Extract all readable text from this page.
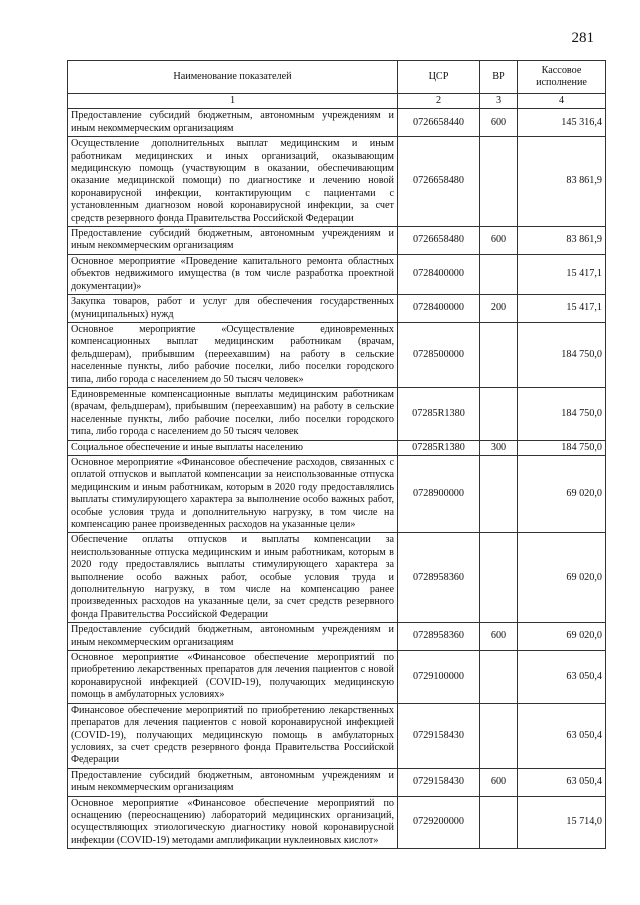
281
Наименование показателей	ЦСР	ВР	Кассовое исполнение
1	2	3	4
Предоставление субсидий бюджетным, автономным учреждениям и иным некоммерческим организациям	0726658440	600	145 316,4
Осуществление дополнительных выплат медицинским и иным работникам медицинских и иных организаций, оказывающим медицинскую помощь (участвующим в оказании, обеспечивающим оказание медицинской помощи) по диагностике и лечению новой коронавирусной инфекции, контактирующим с пациентами с установленным диагнозом новой коронавирусной инфекции, за счет средств резервного фонда Правительства Российской Федерации	0726658480		83 861,9
Предоставление субсидий бюджетным, автономным учреждениям и иным некоммерческим организациям	0726658480	600	83 861,9
Основное мероприятие «Проведение капитального ремонта областных объектов недвижимого имущества (в том числе разработка проектной документации)»	0728400000		15 417,1
Закупка товаров, работ и услуг для обеспечения государственных (муниципальных) нужд	0728400000	200	15 417,1
Основное мероприятие «Осуществление единовременных компенсационных выплат медицинским работникам (врачам, фельдшерам), прибывшим (переехавшим) на работу в сельские населенные пункты, либо рабочие поселки, либо поселки городского типа, либо города с населением до 50 тысяч человек»	0728500000		184 750,0
Единовременные компенсационные выплаты медицинским работникам (врачам, фельдшерам), прибывшим (переехавшим) на работу в сельские населенные пункты, либо рабочие поселки, либо поселки городского типа, либо города с населением до 50 тысяч человек	07285R1380		184 750,0
Социальное обеспечение и иные выплаты населению	07285R1380	300	184 750,0
Основное мероприятие «Финансовое обеспечение расходов, связанных с оплатой отпусков и выплатой компенсации за неиспользованные отпуска медицинским и иным работникам, которым в 2020 году предоставлялись выплаты стимулирующего характера за выполнение особо важных работ, особые условия труда и дополнительную нагрузку, в том числе на компенсацию ранее произведенных расходов на указанные цели»	0728900000		69 020,0
Обеспечение оплаты отпусков и выплаты компенсации за неиспользованные отпуска медицинским и иным работникам, которым в 2020 году предоставлялись выплаты стимулирующего характера за выполнение особо важных работ, особые условия труда и дополнительную нагрузку, в том числе на компенсацию ранее произведенных расходов на указанные цели, за счет средств резервного фонда Правительства Российской Федерации	0728958360		69 020,0
Предоставление субсидий бюджетным, автономным учреждениям и иным некоммерческим организациям	0728958360	600	69 020,0
Основное мероприятие «Финансовое обеспечение мероприятий по приобретению лекарственных препаратов для лечения пациентов с новой коронавирусной инфекцией (COVID-19), получающих медицинскую помощь в амбулаторных условиях»	0729100000		63 050,4
Финансовое обеспечение мероприятий по приобретению лекарственных препаратов для лечения пациентов с новой коронавирусной инфекцией (COVID-19), получающих медицинскую помощь в амбулаторных условиях, за счет средств резервного фонда Правительства Российской Федерации	0729158430		63 050,4
Предоставление субсидий бюджетным, автономным учреждениям и иным некоммерческим организациям	0729158430	600	63 050,4
Основное мероприятие «Финансовое обеспечение мероприятий по оснащению (переоснащению) лабораторий медицинских организаций, осуществляющих этиологическую диагностику новой коронавирусной инфекции (COVID-19) методами амплификации нуклеиновых кислот»	0729200000		15 714,0
